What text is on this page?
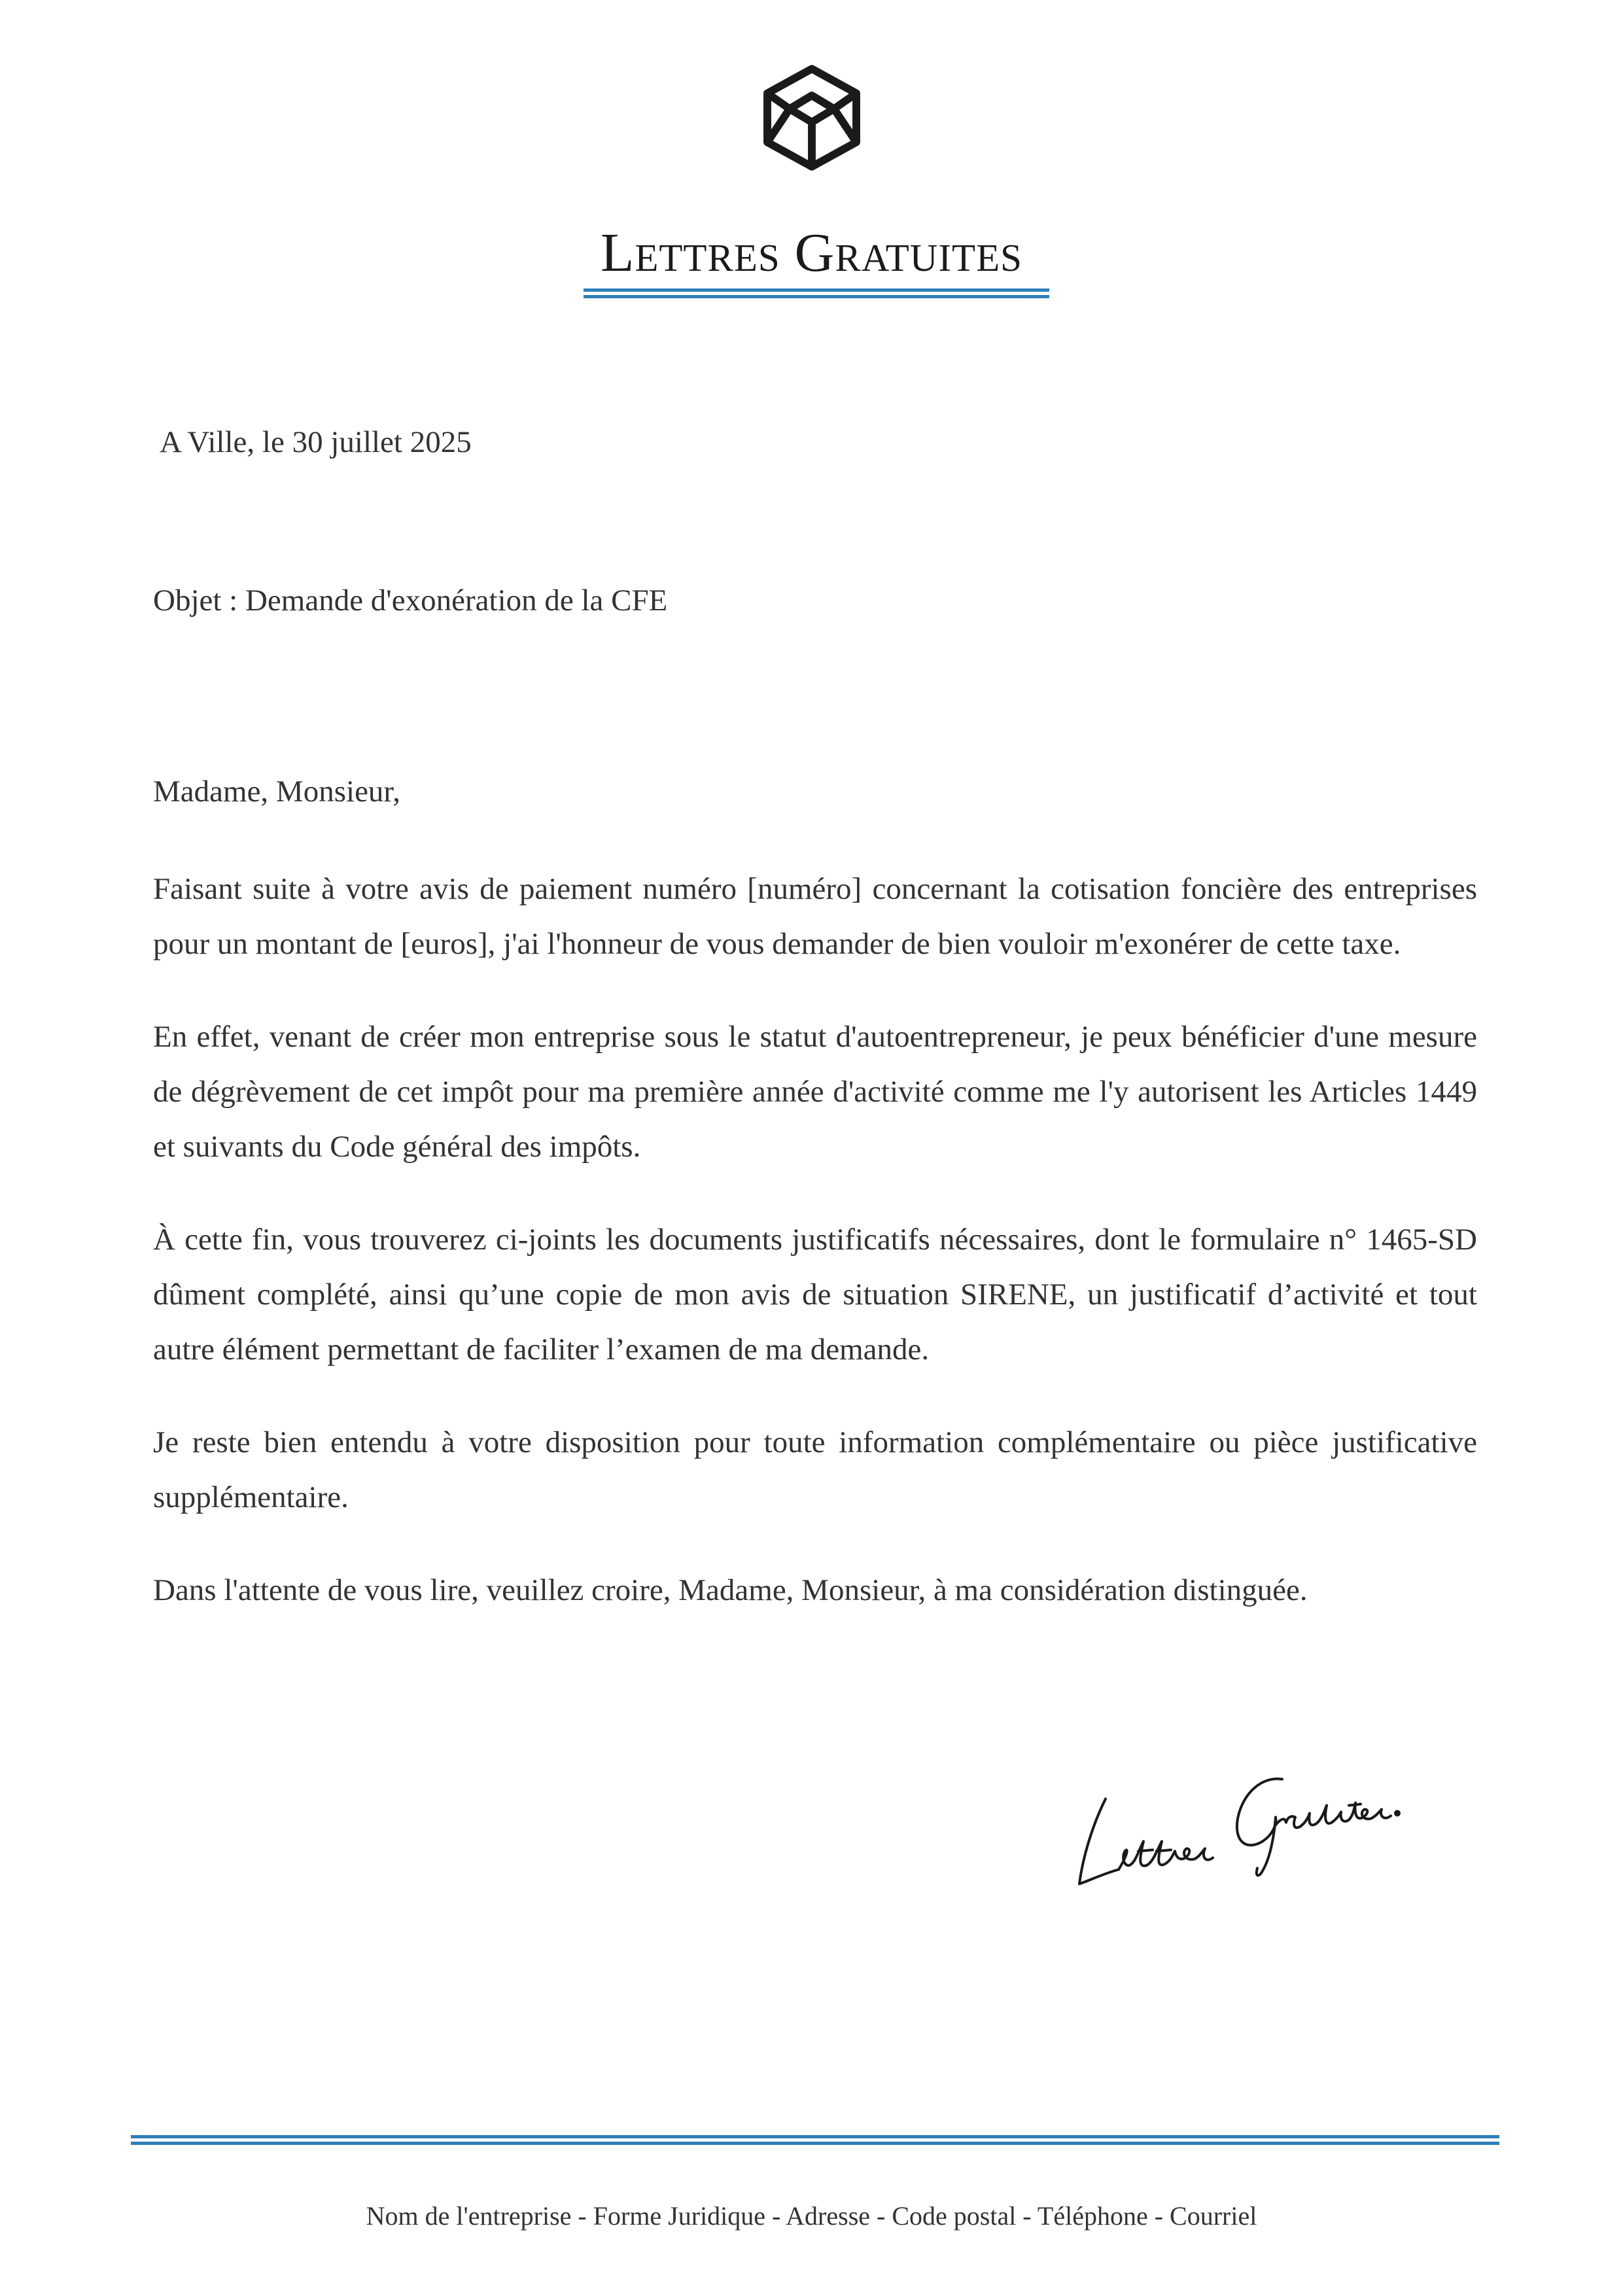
Lettres Gratuites
A Ville, le 30 juillet 2025
Objet : Demande d'exonération de la CFE
Madame, Monsieur,

Faisant suite à votre avis de paiement numéro [numéro] concernant la cotisation foncière des entreprises pour un montant de [euros], j'ai l'honneur de vous demander de bien vouloir m'exonérer de cette taxe.

En effet, venant de créer mon entreprise sous le statut d'autoentrepreneur, je peux bénéficier d'une mesure de dégrèvement de cet impôt pour ma première année d'activité comme me l'y autorisent les Articles 1449 et suivants du Code général des impôts.

À cette fin, vous trouverez ci-joints les documents justificatifs nécessaires, dont le formulaire n° 1465-SD dûment complété, ainsi qu’une copie de mon avis de situation SIRENE, un justificatif d’activité et tout autre élément permettant de faciliter l’examen de ma demande.

Je reste bien entendu à votre disposition pour toute information complémentaire ou pièce justificative supplémentaire.

Dans l'attente de vous lire, veuillez croire, Madame, Monsieur, à ma considération distinguée.

Nom de l'entreprise - Forme Juridique - Adresse - Code postal - Téléphone - Courriel
